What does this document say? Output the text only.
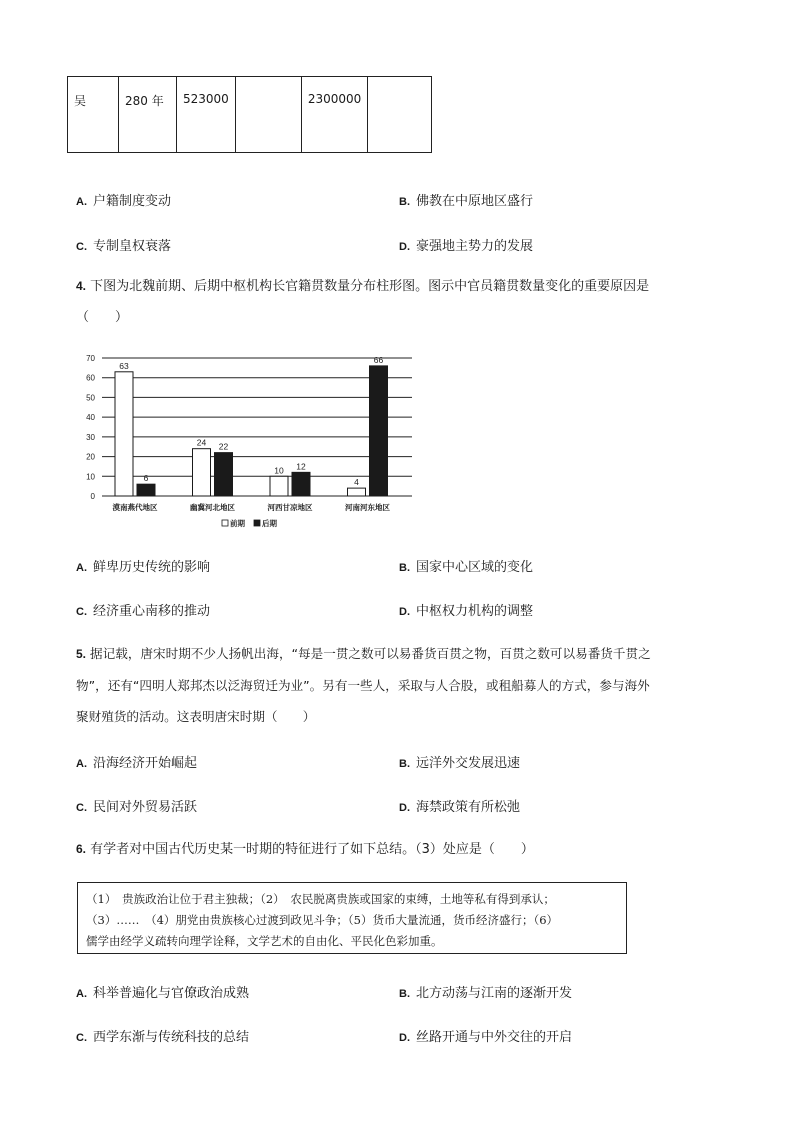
吴	280 年	523000		2300000	
A. 户籍制度变动	B. 佛教在中原地区盛行
C. 专制皇权衰落	D. 豪强地主势力的发展
4. 下图为北魏前期、后期中枢机构长官籍贯数量分布柱形图。图示中官员籍贯数量变化的重要原因是
（　　）
0
10
20
30
40
50
60
70
63
6
漠南燕代地区
24 22
幽冀河北地区
10 12
河西甘凉地区
4
66
河南河东地区
前期 后期
A. 鲜卑历史传统的影响	B. 国家中心区域的变化
C. 经济重心南移的推动	D. 中枢权力机构的调整
5. 据记载，唐宋时期不少人扬帆出海，“每是一贯之数可以易番货百贯之物，百贯之数可以易番货千贯之
物”，还有“四明人郑邦杰以泛海贸迁为业”。另有一些人，采取与人合股，或租船募人的方式，参与海外
聚财殖货的活动。这表明唐宋时期（　　）
A. 沿海经济开始崛起	B. 远洋外交发展迅速
C. 民间对外贸易活跃	D. 海禁政策有所松弛
6. 有学者对中国古代历史某一时期的特征进行了如下总结。（3）处应是（　　）
（1）　贵族政治让位于君主独裁；（2）　农民脱离贵族或国家的束缚，土地等私有得到承认；
（3）……　（4）朋党由贵族核心过渡到政见斗争；（5）货币大量流通，货币经济盛行；（6）
儒学由经学义疏转向理学诠释，文学艺术的自由化、平民化色彩加重。
A. 科举普遍化与官僚政治成熟	B. 北方动荡与江南的逐渐开发
C. 西学东渐与传统科技的总结	D. 丝路开通与中外交往的开启
